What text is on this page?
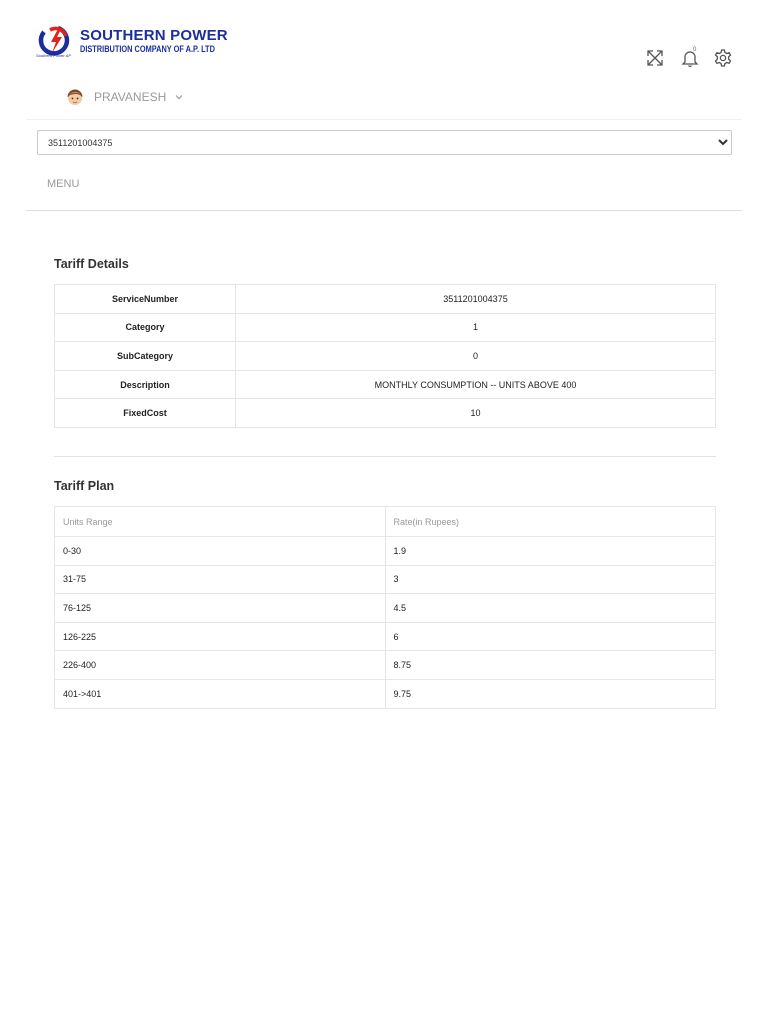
SOUTHERN POWER
DISTRIBUTION COMPANY OF A.P. LTD
Southern Power AP
0
PRAVANESH
3511201004375
MENU
Tariff Details
ServiceNumber	3511201004375
Category	1
SubCategory	0
Description	MONTHLY CONSUMPTION -- UNITS ABOVE 400
FixedCost	10
Tariff Plan
Units Range	Rate(in Rupees)
0-30	1.9
31-75	3
76-125	4.5
126-225	6
226-400	8.75
401->401	9.75
